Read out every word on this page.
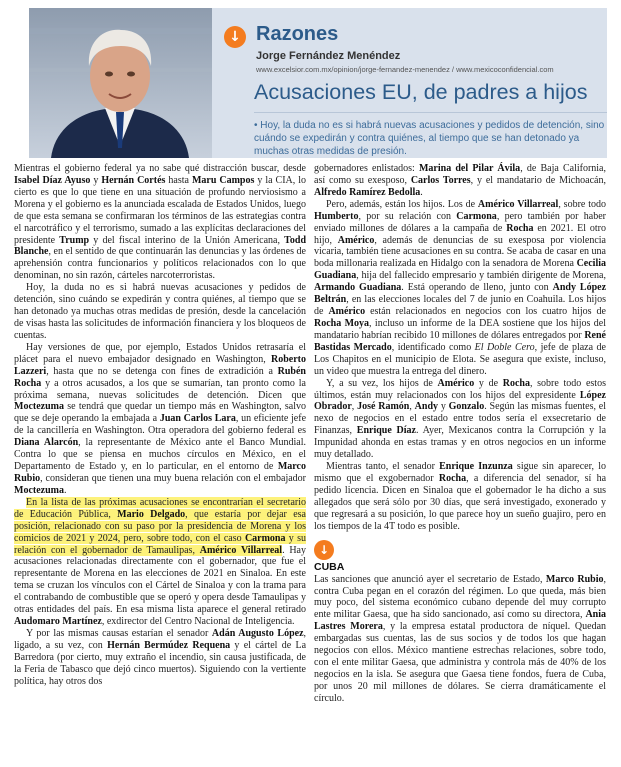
↓ Razones
Jorge Fernández Menéndez
www.excelsior.com.mx/opinion/jorge-fernandez-menendez / www.mexicoconfidencial.com
Acusaciones EU, de padres a hijos
• Hoy, la duda no es si habrá nuevas acusaciones y pedidos de detención, sino cuándo se expedirán y contra quiénes, al tiempo que se han detonado ya muchas otras medidas de presión.

Mientras el gobierno federal ya no sabe qué distracción buscar, desde Isabel Díaz Ayuso y Hernán Cortés hasta Maru Campos y la CIA, lo cierto es que lo que tiene en una situación de profundo nerviosismo a Morena y el gobierno es la anunciada escalada de Estados Unidos, luego de que esta semana se confirmaran los términos de las estrategias contra el narcotráfico y el terrorismo, sumado a las explícitas declaraciones del presidente Trump y del fiscal interino de la Unión Americana, Todd Blanche, en el sentido de que continuarán las denuncias y las órdenes de aprehensión contra funcionarios y políticos relacionados con lo que denominan, no sin razón, cárteles narcoterroristas.

Hoy, la duda no es si habrá nuevas acusaciones y pedidos de detención, sino cuándo se expedirán y contra quiénes, al tiempo que se han detonado ya muchas otras medidas de presión, desde la cancelación de visas hasta las solicitudes de información financiera y los bloqueos de cuentas.

Hay versiones de que, por ejemplo, Estados Unidos retrasaría el plácet para el nuevo embajador designado en Washington, Roberto Lazzeri, hasta que no se detenga con fines de extradición a Rubén Rocha y a otros acusados, a los que se sumarían, tan pronto como la próxima semana, nuevas solicitudes de detención. Dicen que Moctezuma se tendrá que quedar un tiempo más en Washington, salvo que se deje operando la embajada a Juan Carlos Lara, un eficiente jefe de la cancillería en Washington. Otra operadora del gobierno federal es Diana Alarcón, la representante de México ante el Banco Mundial. Contra lo que se piensa en muchos círculos en México, en el Departamento de Estado y, en lo particular, en el entorno de Marco Rubio, consideran que tienen una muy buena relación con el embajador Moctezuma.

En la lista de las próximas acusaciones se encontrarían el secretario de Educación Pública, Mario Delgado, que estaría por dejar esa posición, relacionado con su paso por la presidencia de Morena y los comicios de 2021 y 2024, pero, sobre todo, con el caso Carmona y su relación con el gobernador de Tamaulipas, Américo Villarreal. Hay acusaciones relacionadas directamente con el gobernador, que fue el representante de Morena en las elecciones de 2021 en Sinaloa. En este tema se cruzan los vínculos con el Cártel de Sinaloa y con la trama para el contrabando de combustible que se operó y opera desde Tamaulipas y otras entidades del país. En esa misma lista aparece el general retirado Audomaro Martínez, exdirector del Centro Nacional de Inteligencia.

Y por las mismas causas estarían el senador Adán Augusto López, ligado, a su vez, con Hernán Bermúdez Requena y el cártel de La Barredora (por cierto, muy extraño el incendio, sin causa justificada, de la Feria de Tabasco que dejó cinco muertos). Siguiendo con la vertiente política, hay otros dos

gobernadores enlistados: Marina del Pilar Ávila, de Baja California, así como su exesposo, Carlos Torres, y el mandatario de Michoacán, Alfredo Ramírez Bedolla.

Pero, además, están los hijos. Los de Américo Villarreal, sobre todo Humberto, por su relación con Carmona, pero también por haber enviado millones de dólares a la campaña de Rocha en 2021. El otro hijo, Américo, además de denuncias de su exesposa por violencia vicaria, también tiene acusaciones en su contra. Se acaba de casar en una boda millonaria realizada en Hidalgo con la senadora de Morena Cecilia Guadiana, hija del fallecido empresario y también dirigente de Morena, Armando Guadiana. Está operando de lleno, junto con Andy López Beltrán, en las elecciones locales del 7 de junio en Coahuila. Los hijos de Américo están relacionados en negocios con los cuatro hijos de Rocha Moya, incluso un informe de la DEA sostiene que los hijos del mandatario habrían recibido 10 millones de dólares entregados por René Bastidas Mercado, identificado como El Doble Cero, jefe de plaza de Los Chapitos en el municipio de Elota. Se asegura que existe, incluso, un video que muestra la entrega del dinero.

Y, a su vez, los hijos de Américo y de Rocha, sobre todo estos últimos, están muy relacionados con los hijos del expresidente López Obrador, José Ramón, Andy y Gonzalo. Según las mismas fuentes, el nexo de negocios en el estado entre todos sería el exsecretario de Finanzas, Enrique Díaz. Ayer, Mexicanos contra la Corrupción y la Impunidad ahonda en estas tramas y en otros negocios en un informe muy detallado.

Mientras tanto, el senador Enrique Inzunza sigue sin aparecer, lo mismo que el exgobernador Rocha, a diferencia del senador, sí ha pedido licencia. Dicen en Sinaloa que el gobernador le ha dicho a sus allegados que será sólo por 30 días, que será investigado, exonerado y que regresará a su posición, lo que parece hoy un sueño guajiro, pero en los tiempos de la 4T todo es posible.

↓
CUBA

Las sanciones que anunció ayer el secretario de Estado, Marco Rubio, contra Cuba pegan en el corazón del régimen. Lo que queda, más bien muy poco, del sistema económico cubano depende del muy corrupto ente militar Gaesa, que ha sido sancionado, así como su directora, Ania Lastres Morera, y la empresa estatal productora de níquel. Quedan embargadas sus cuentas, las de sus socios y de todos los que hagan negocios con ellos. México mantiene estrechas relaciones, sobre todo, con el ente militar Gaesa, que administra y controla más de 40% de los negocios en la isla. Se asegura que Gaesa tiene fondos, fuera de Cuba, por unos 20 mil millones de dólares. Se cierra dramáticamente el círculo.
